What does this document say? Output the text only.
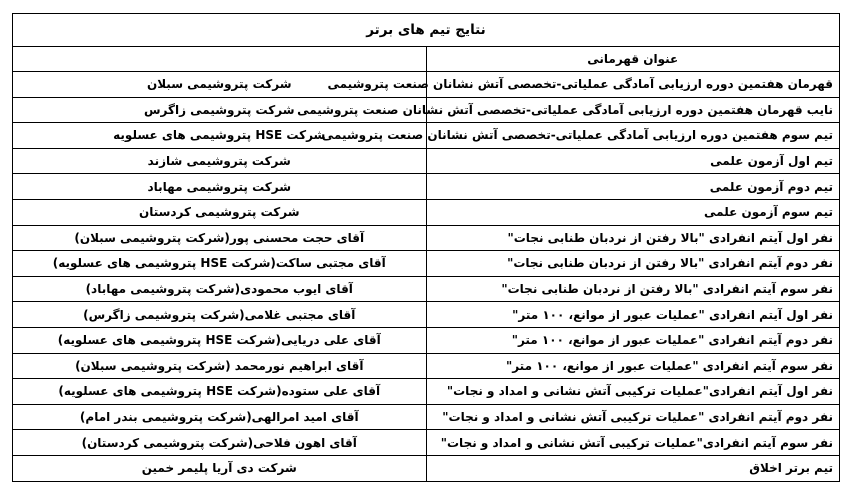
نتایج تیم های برتر	
عنوان قهرمانی	
قهرمان هفتمین دوره ارزیابی آمادگی عملیاتی-تخصصی آتش نشانان صنعت پتروشیمی	شرکت پتروشیمی سبلان
نایب قهرمان هفتمین دوره ارزیابی آمادگی عملیاتی-تخصصی آتش نشانان صنعت پتروشیمی	شرکت پتروشیمی زاگرس
تیم سوم هفتمین دوره ارزیابی آمادگی عملیاتی-تخصصی آتش نشانان صنعت پتروشیمی	شرکت HSE پتروشیمی های عسلویه
تیم اول آزمون علمی	شرکت پتروشیمی شازند
تیم دوم آزمون علمی	شرکت پتروشیمی مهاباد
تیم سوم آزمون علمی	شرکت پتروشیمی کردستان
نفر اول آیتم انفرادی "بالا رفتن از نردبان طنابی نجات"	آقای حجت محسنی پور(شرکت پتروشیمی سبلان)
نفر دوم آیتم انفرادی "بالا رفتن از نردبان طنابی نجات"	آقای مجتبی ساکت(شرکت HSE پتروشیمی های عسلویه)
نفر سوم آیتم انفرادی "بالا رفتن از نردبان طنابی نجات"	آقای ایوب محمودی(شرکت پتروشیمی مهاباد)
نفر اول آیتم انفرادی "عملیات عبور از موانع، ۱۰۰ متر"	آقای مجتبی غلامی(شرکت پتروشیمی زاگرس)
نفر دوم آیتم انفرادی "عملیات عبور از موانع، ۱۰۰ متر"	آقای علی دریایی(شرکت HSE پتروشیمی های عسلویه)
نفر سوم آیتم انفرادی "عملیات عبور از موانع، ۱۰۰ متر"	آقای ابراهیم نورمحمد (شرکت پتروشیمی سبلان)
نفر اول آیتم انفرادی"عملیات ترکیبی آتش نشانی و امداد و نجات"	آقای علی ستوده(شرکت HSE پتروشیمی های عسلویه)
نفر دوم آیتم انفرادی "عملیات ترکیبی آتش نشانی و امداد و نجات"	آقای امید امرالهی(شرکت پتروشیمی بندر امام)
نفر سوم آیتم انفرادی"عملیات ترکیبی آتش نشانی و امداد و نجات"	آقای اهون فلاحی(شرکت پتروشیمی کردستان)
تیم برتر اخلاق	شرکت دی آریا پلیمر خمین
